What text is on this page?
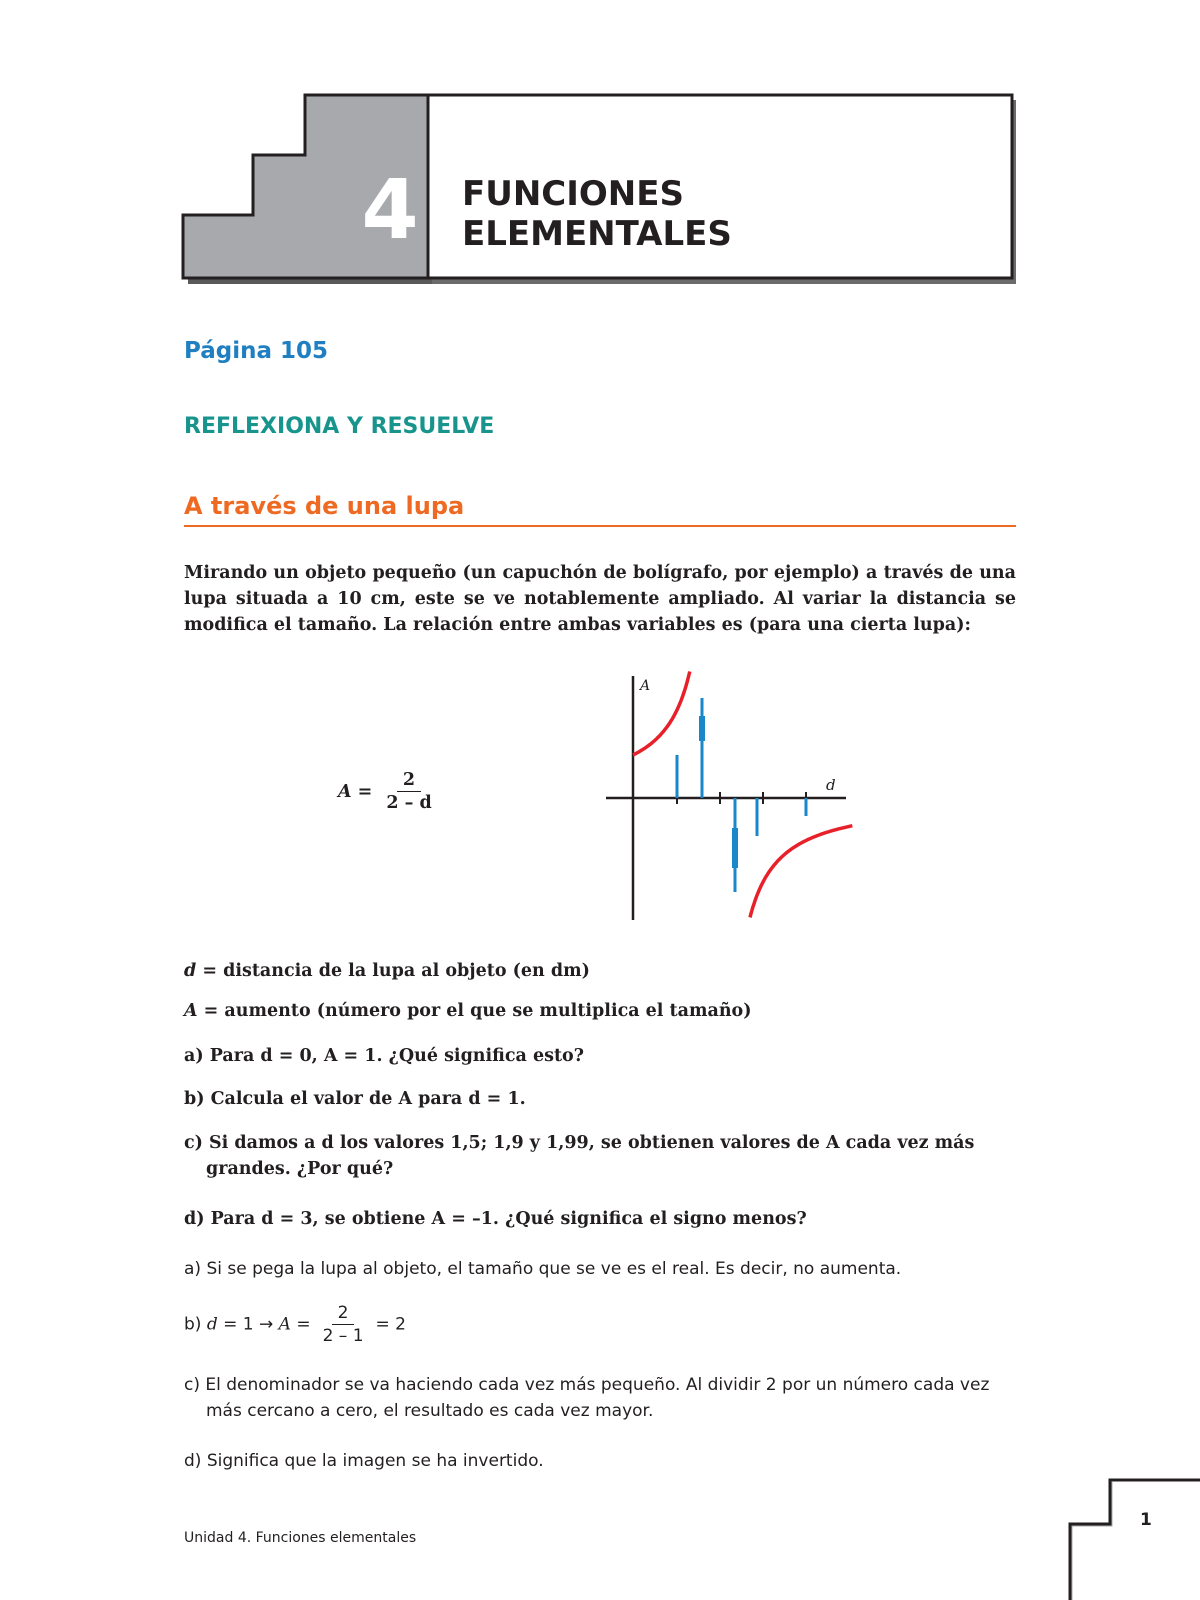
4	FUNCIONES
ELEMENTALES
Página 105
REFLEXIONA Y RESUELVE
A través de una lupa
Mirando un objeto pequeño (un capuchón de bolígrafo, por ejemplo) a través de una lupa situada a 10 cm, este se ve notablemente ampliado. Al variar la distancia se modifica el tamaño. La relación entre ambas variables es (para una cierta lupa):
$A = \frac{2}{2 - d}$
A
d
d = distancia de la lupa al objeto (en dm)
A = aumento (número por el que se multiplica el tamaño)
a) Para d = 0, A = 1. ¿Qué significa esto?
b) Calcula el valor de A para d = 1.
c) Si damos a d los valores 1,5; 1,9 y 1,99, se obtienen valores de A cada vez más grandes. ¿Por qué?
d) Para d = 3, se obtiene A = –1. ¿Qué significa el signo menos?
a) Si se pega la lupa al objeto, el tamaño que se ve es el real. Es decir, no aumenta.
b) $d = 1 \to A = \frac{2}{2 - 1} = 2$
c) El denominador se va haciendo cada vez más pequeño. Al dividir 2 por un número cada vez más cercano a cero, el resultado es cada vez mayor.
d) Significa que la imagen se ha invertido.
Unidad 4. Funciones elementales
1
